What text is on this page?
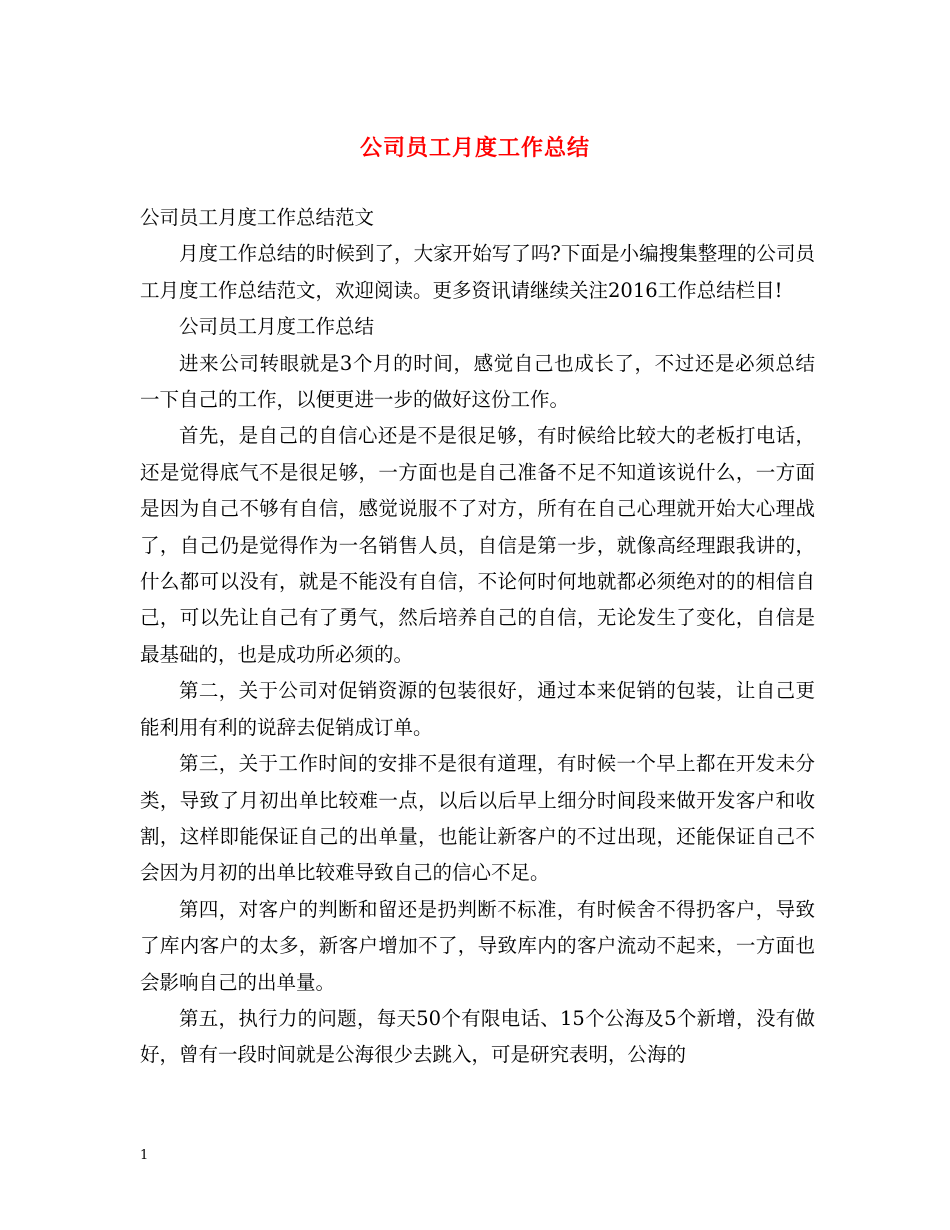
公司员工月度工作总结

公司员工月度工作总结范文

月度工作总结的时候到了，大家开始写了吗?下面是小编搜集整理的公司员工月度工作总结范文，欢迎阅读。更多资讯请继续关注2016工作总结栏目!

公司员工月度工作总结

进来公司转眼就是3个月的时间，感觉自己也成长了，不过还是必须总结一下自己的工作，以便更进一步的做好这份工作。

首先，是自己的自信心还是不是很足够，有时候给比较大的老板打电话，还是觉得底气不是很足够，一方面也是自己准备不足不知道该说什么，一方面是因为自己不够有自信，感觉说服不了对方，所有在自己心理就开始大心理战了，自己仍是觉得作为一名销售人员，自信是第一步，就像高经理跟我讲的，什么都可以没有，就是不能没有自信，不论何时何地就都必须绝对的的相信自己，可以先让自己有了勇气，然后培养自己的自信，无论发生了变化，自信是最基础的，也是成功所必须的。

第二，关于公司对促销资源的包装很好，通过本来促销的包装，让自己更能利用有利的说辞去促销成订单。

第三，关于工作时间的安排不是很有道理，有时候一个早上都在开发未分类，导致了月初出单比较难一点，以后以后早上细分时间段来做开发客户和收割，这样即能保证自己的出单量，也能让新客户的不过出现，还能保证自己不会因为月初的出单比较难导致自己的信心不足。

第四，对客户的判断和留还是扔判断不标准，有时候舍不得扔客户，导致了库内客户的太多，新客户增加不了，导致库内的客户流动不起来，一方面也会影响自己的出单量。

第五，执行力的问题，每天50个有限电话、15个公海及5个新增，没有做好，曾有一段时间就是公海很少去跳入，可是研究表明，公海的

1
